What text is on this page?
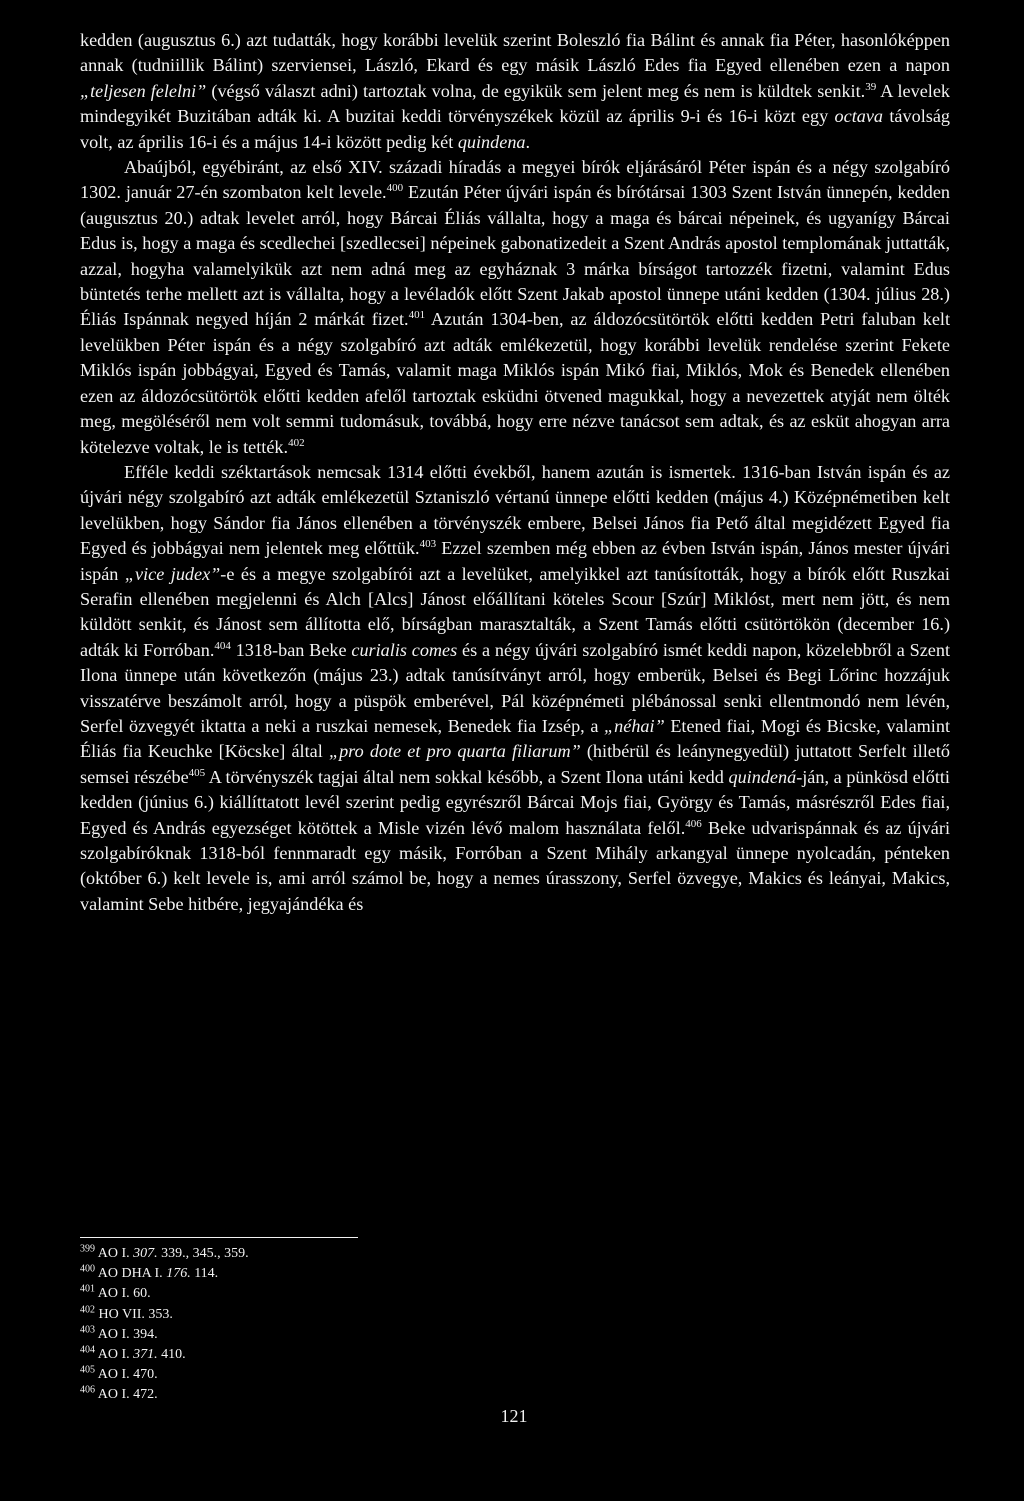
kedden (augusztus 6.) azt tudatták, hogy korábbi levelük szerint Boleszló fia Bálint és annak fia Péter, hasonlóképpen annak (tudniillik Bálint) szerviensei, László, Ekard és egy másik László Edes fia Egyed ellenében ezen a napon „teljesen felelni” (végső választ adni) tartoztak volna, de egyikük sem jelent meg és nem is küldtek senkit.$^{39}$ A levelek mindegyikét Buzitában adták ki. A buzitai keddi törvényszékek közül az április 9-i és 16-i közt egy octava távolság volt, az április 16-i és a május 14-i között pedig két quindena.

Abaújból, egyébiránt, az első XIV. századi híradás a megyei bírók eljárásáról Péter ispán és a négy szolgabíró 1302. január 27-én szombaton kelt levele.$^{400}$ Ezután Péter újvári ispán és bírótársai 1303 Szent István ünnepén, kedden (augusztus 20.) adtak levelet arról, hogy Bárcai Éliás vállalta, hogy a maga és bárcai népeinek, és ugyanígy Bárcai Edus is, hogy a maga és scedlechei [szedlecsei] népeinek gabonatizedeit a Szent András apostol templomának juttatták, azzal, hogyha valamelyikük azt nem adná meg az egyháznak 3 márka bírságot tartozzék fizetni, valamint Edus büntetés terhe mellett azt is vállalta, hogy a levéladók előtt Szent Jakab apostol ünnepe utáni kedden (1304. július 28.) Éliás Ispánnak negyed híján 2 márkát fizet.$^{401}$ Azután 1304-ben, az áldozócsütörtök előtti kedden Petri faluban kelt levelükben Péter ispán és a négy szolgabíró azt adták emlékezetül, hogy korábbi levelük rendelése szerint Fekete Miklós ispán jobbágyai, Egyed és Tamás, valamit maga Miklós ispán Mikó fiai, Miklós, Mok és Benedek ellenében ezen az áldozócsütörtök előtti kedden afelől tartoztak esküdni ötvened magukkal, hogy a nevezettek atyját nem ölték meg, megöléséről nem volt semmi tudomásuk, továbbá, hogy erre nézve tanácsot sem adtak, és az esküt ahogyan arra kötelezve voltak, le is tették.$^{402}$

Efféle keddi széktartások nemcsak 1314 előtti évekből, hanem azután is ismertek. 1316-ban István ispán és az újvári négy szolgabíró azt adták emlékezetül Sztaniszló vértanú ünnepe előtti kedden (május 4.) Középnémetiben kelt levelükben, hogy Sándor fia János ellenében a törvényszék embere, Belsei János fia Pető által megidézett Egyed fia Egyed és jobbágyai nem jelentek meg előttük.$^{403}$ Ezzel szemben még ebben az évben István ispán, János mester újvári ispán „vice judex”-e és a megye szolgabírói azt a levelüket, amelyikkel azt tanúsították, hogy a bírók előtt Ruszkai Serafin ellenében megjelenni és Alch [Alcs] Jánost előállítani köteles Scour [Szúr] Miklóst, mert nem jött, és nem küldött senkit, és Jánost sem állította elő, bírságban marasztalták, a Szent Tamás előtti csütörtökön (december 16.) adták ki Forróban.$^{404}$ 1318-ban Beke curialis comes és a négy újvári szolgabíró ismét keddi napon, közelebbről a Szent Ilona ünnepe után következőn (május 23.) adtak tanúsítványt arról, hogy emberük, Belsei és Begi Lőrinc hozzájuk visszatérve beszámolt arról, hogy a püspök emberével, Pál középnémeti plébánossal senki ellentmondó nem lévén, Serfel özvegyét iktatta a neki a ruszkai nemesek, Benedek fia Izsép, a „néhai” Etened fiai, Mogi és Bicske, valamint Éliás fia Keuchke [Köcske] által „pro dote et pro quarta filiarum” (hitbérül és leánynegyedül) juttatott Serfelt illető semsei részébe$^{405}$ A törvényszék tagjai által nem sokkal később, a Szent Ilona utáni kedd quindená-ján, a pünkösd előtti kedden (június 6.) kiállíttatott levél szerint pedig egyrészről Bárcai Mojs fiai, György és Tamás, másrészről Edes fiai, Egyed és András egyezséget kötöttek a Misle vizén lévő malom használata felől.$^{406}$ Beke udvarispánnak és az újvári szolgabíróknak 1318-ból fennmaradt egy másik, Forróban a Szent Mihály arkangyal ünnepe nyolcadán, pénteken (október 6.) kelt levele is, ami arról számol be, hogy a nemes úrasszony, Serfel özvegye, Makics és leányai, Makics, valamint Sebe hitbére, jegyajándéka és

$^{399}$ AO I. 307. 339., 345., 359.

$^{400}$ AO DHA I. 176. 114.

$^{401}$ AO I. 60.

$^{402}$ HO VII. 353.

$^{403}$ AO I. 394.

$^{404}$ AO I. 371. 410.

$^{405}$ AO I. 470.

$^{406}$ AO I. 472.

121
